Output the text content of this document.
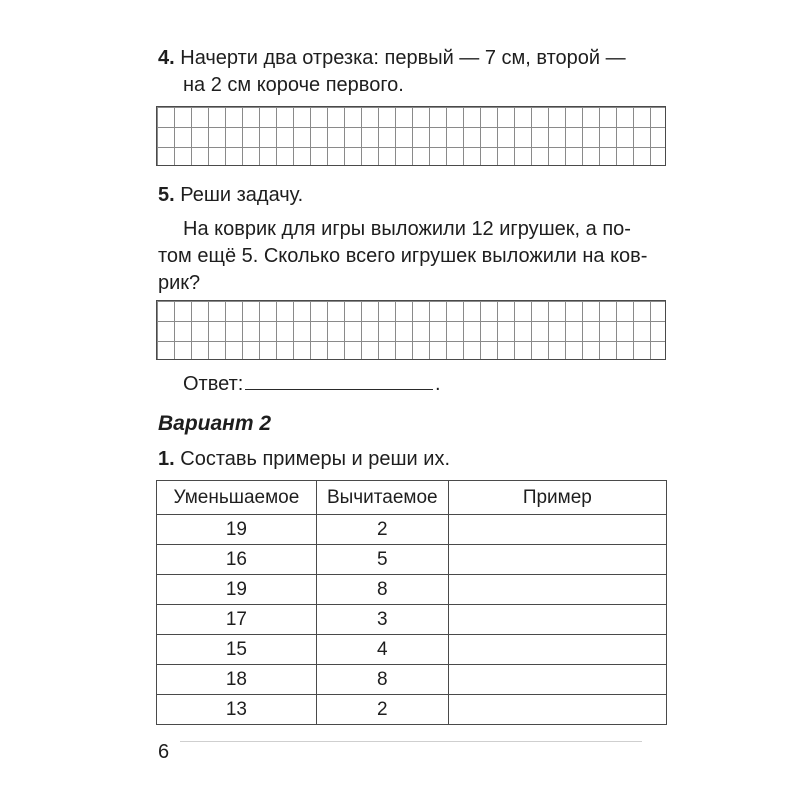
4. Начерти два отрезка: первый — 7 см, второй —
на 2 см короче первого.
5. Реши задачу.
На коврик для игры выложили 12 игрушек, а по-
том ещё 5. Сколько всего игрушек выложили на ков-
рик?
Ответ:	.
Вариант 2
1. Составь примеры и реши их.
Уменьшаемое	Вычитаемое	Пример
19	2	
16	5	
19	8	
17	3	
15	4	
18	8	
13	2	
6
